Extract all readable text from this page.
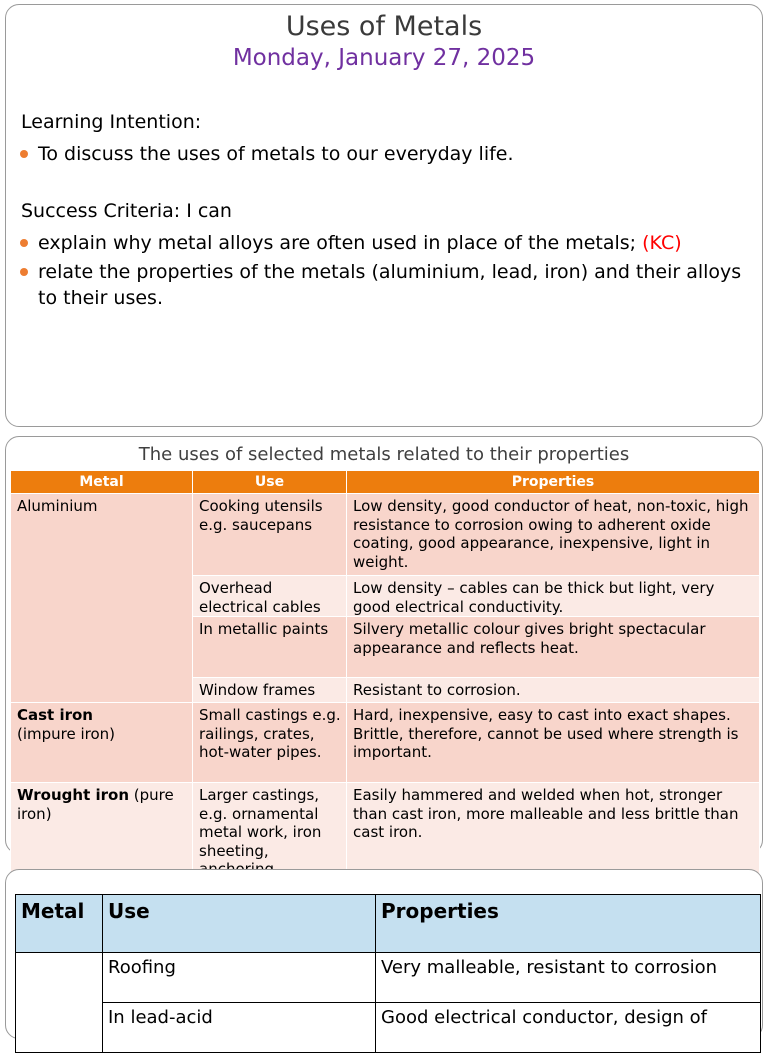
Uses of Metals
Monday, January 27, 2025
Learning Intention:
To discuss the uses of metals to our everyday life.
Success Criteria: I can
explain why metal alloys are often used in place of the metals; (KC)
relate the properties of the metals (aluminium, lead, iron) and their alloys to their uses.
The uses of selected metals related to their properties
Metal	Use	Properties
Aluminium	Cooking utensils e.g. saucepans	Low density, good conductor of heat, non-toxic, high resistance to corrosion owing to adherent oxide coating, good appearance, inexpensive, light in weight.
	Overhead electrical cables	Low density – cables can be thick but light, very good electrical conductivity.
	In metallic paints	Silvery metallic colour gives bright spectacular appearance and reflects heat.
	Window frames	Resistant to corrosion.
Cast iron
(impure iron)	Small castings e.g. railings, crates, hot-water pipes.	Hard, inexpensive, easy to cast into exact shapes. Brittle, therefore, cannot be used where strength is important.
Wrought iron (pure iron)	Larger castings, e.g. ornamental metal work, iron sheeting,	Easily hammered and welded when hot, stronger than cast iron, more malleable and less brittle than cast iron.
Metal	Use	Properties
	Roofing	Very malleable, resistant to corrosion
	In lead-acid	Good electrical conductor, design of
